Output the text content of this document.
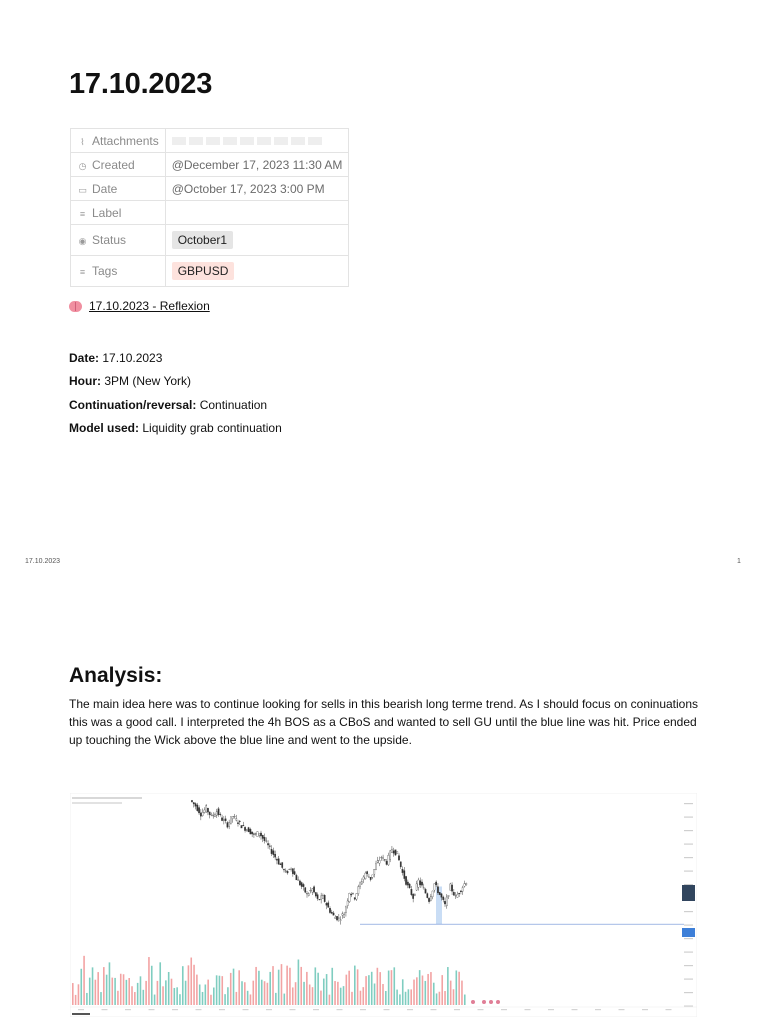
17.10.2023
⌇ Attachments	
◷ Created	@December 17, 2023 11:30 AM
▭ Date	@October 17, 2023 3:00 PM
≡ Label	
◉ Status	October1
≡ Tags	GBPUSD
17.10.2023 - Reflexion
Date: 17.10.2023
Hour: 3PM (New York)
Continuation/reversal: Continuation
Model used: Liquidity grab continuation
17.10.2023	1
Analysis:
The main idea here was to continue looking for sells in this bearish long terme trend. As I should focus on coninuations this was a good call. I interpreted the 4h BOS as a CBoS and wanted to sell GU until the blue line was hit. Price ended up touching the Wick above the blue line and went to the upside.
